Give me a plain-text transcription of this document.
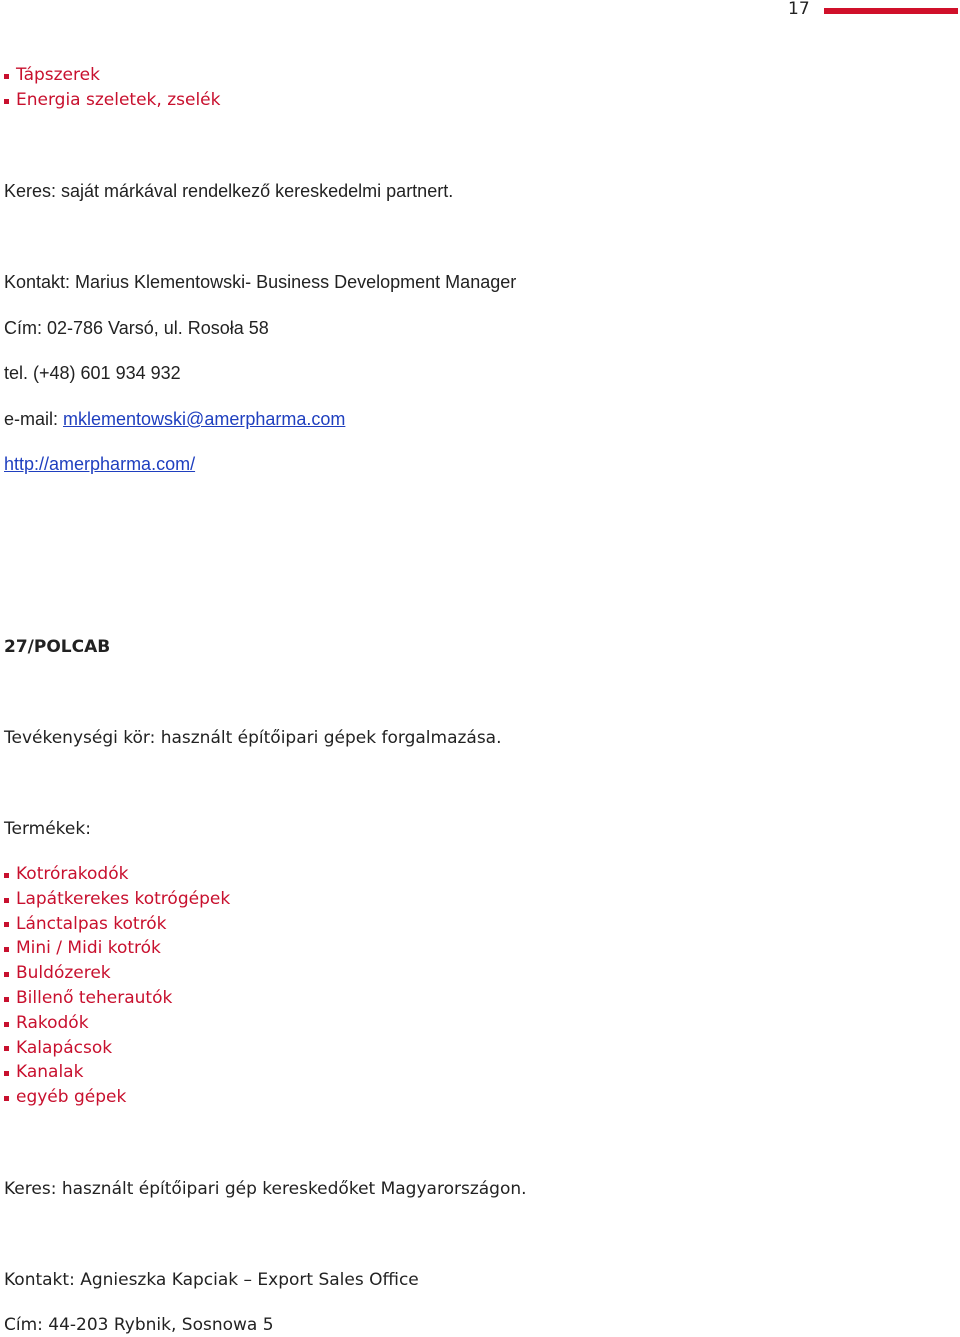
17
Tápszerek
Energia szeletek, zselék

Keres: saját márkával rendelkező kereskedelmi partnert.

Kontakt: Marius Klementowski- Business Development Manager

Cím: 02-786 Varsó, ul. Rosoła 58

tel. (+48) 601 934 932

e-mail: mklementowski@amerpharma.com

http://amerpharma.com/

27/POLCAB

Tevékenységi kör: használt építőipari gépek forgalmazása.

Termékek:

Kotrórakodók
Lapátkerekes kotrógépek
Lánctalpas kotrók
Mini / Midi kotrók
Buldózerek
Billenő teherautók
Rakodók
Kalapácsok
Kanalak
egyéb gépek

Keres: használt építőipari gép kereskedőket Magyarországon.

Kontakt: Agnieszka Kapciak – Export Sales Office

Cím: 44-203 Rybnik, Sosnowa 5
